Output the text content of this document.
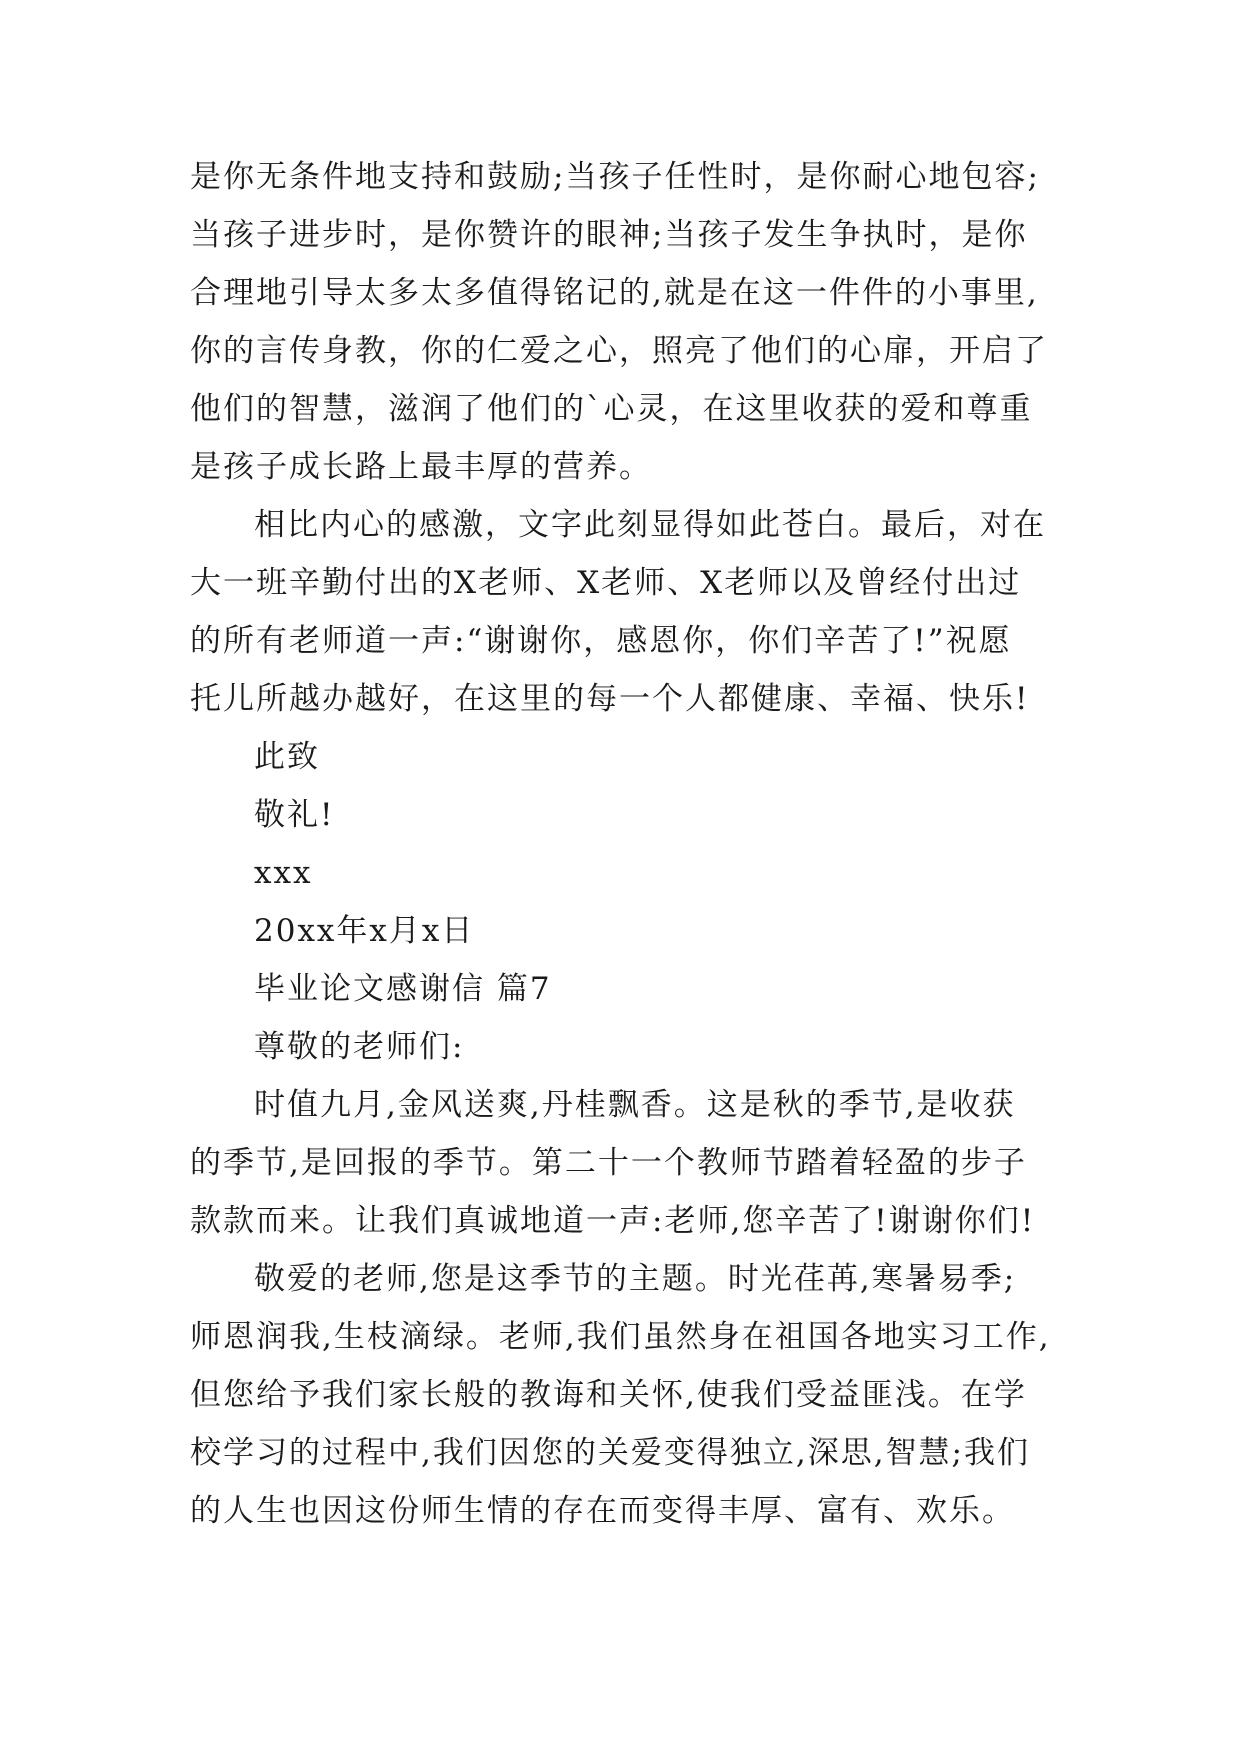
是你无条件地支持和鼓励;当孩子任性时，是你耐心地包容;
当孩子进步时，是你赞许的眼神;当孩子发生争执时，是你
合理地引导太多太多值得铭记的,就是在这一件件的小事里,
你的言传身教，你的仁爱之心，照亮了他们的心扉，开启了
他们的智慧，滋润了他们的`心灵，在这里收获的爱和尊重
是孩子成长路上最丰厚的营养。
相比内心的感激，文字此刻显得如此苍白。最后，对在
大一班辛勤付出的X老师、X老师、X老师以及曾经付出过
的所有老师道一声:“谢谢你，感恩你，你们辛苦了!”祝愿
托儿所越办越好，在这里的每一个人都健康、幸福、快乐!
此致
敬礼!
xxx
20xx年x月x日
毕业论文感谢信 篇7
尊敬的老师们:
时值九月,金风送爽,丹桂飘香。这是秋的季节,是收获
的季节,是回报的季节。第二十一个教师节踏着轻盈的步子
款款而来。让我们真诚地道一声:老师,您辛苦了!谢谢你们!
敬爱的老师,您是这季节的主题。时光荏苒,寒暑易季;
师恩润我,生枝滴绿。老师,我们虽然身在祖国各地实习工作,
但您给予我们家长般的教诲和关怀,使我们受益匪浅。在学
校学习的过程中,我们因您的关爱变得独立,深思,智慧;我们
的人生也因这份师生情的存在而变得丰厚、富有、欢乐。
